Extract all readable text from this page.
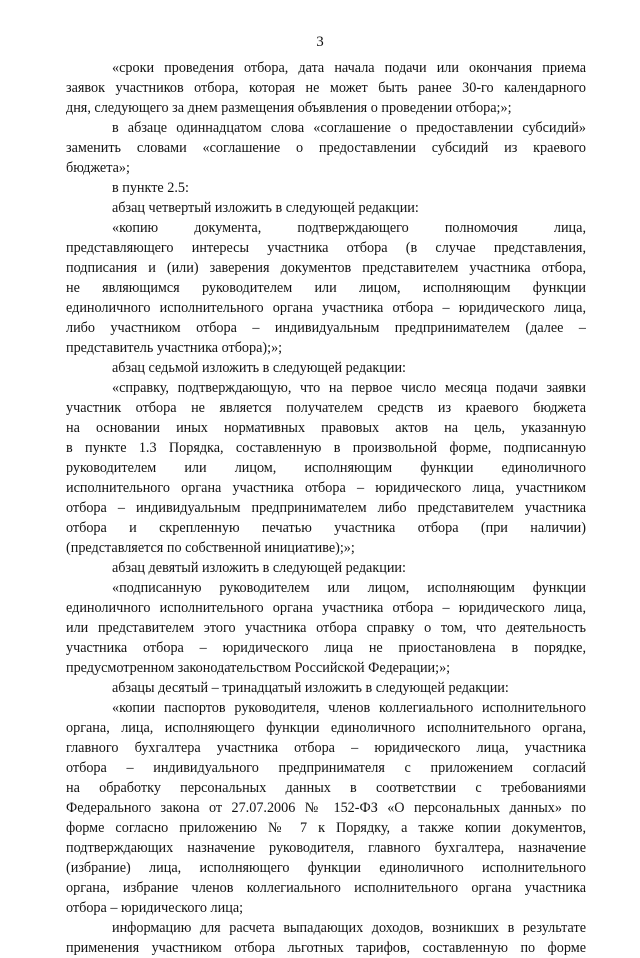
3
«сроки проведения отбора, дата начала подачи или окончания приема
заявок участников отбора, которая не может быть ранее 30-го календарного
дня, следующего за днем размещения объявления о проведении отбора;»;
в абзаце одиннадцатом слова «соглашение о предоставлении субсидий»
заменить словами «соглашение о предоставлении субсидий из краевого
бюджета»;
в пункте 2.5:
абзац четвертый изложить в следующей редакции:
«копию документа, подтверждающего полномочия лица,
представляющего интересы участника отбора (в случае представления,
подписания и (или) заверения документов представителем участника отбора,
не являющимся руководителем или лицом, исполняющим функции
единоличного исполнительного органа участника отбора – юридического лица,
либо участником отбора – индивидуальным предпринимателем (далее –
представитель участника отбора);»;
абзац седьмой изложить в следующей редакции:
«справку, подтверждающую, что на первое число месяца подачи заявки
участник отбора не является получателем средств из краевого бюджета
на основании иных нормативных правовых актов на цель, указанную
в пункте 1.3 Порядка, составленную в произвольной форме, подписанную
руководителем или лицом, исполняющим функции единоличного
исполнительного органа участника отбора – юридического лица, участником
отбора – индивидуальным предпринимателем либо представителем участника
отбора и скрепленную печатью участника отбора (при наличии)
(представляется по собственной инициативе);»;
абзац девятый изложить в следующей редакции:
«подписанную руководителем или лицом, исполняющим функции
единоличного исполнительного органа участника отбора – юридического лица,
или представителем этого участника отбора справку о том, что деятельность
участника отбора – юридического лица не приостановлена в порядке,
предусмотренном законодательством Российской Федерации;»;
абзацы десятый – тринадцатый изложить в следующей редакции:
«копии паспортов руководителя, членов коллегиального исполнительного
органа, лица, исполняющего функции единоличного исполнительного органа,
главного бухгалтера участника отбора – юридического лица, участника
отбора – индивидуального предпринимателя с приложением согласий
на обработку персональных данных в соответствии с требованиями
Федерального закона от 27.07.2006 № 152-ФЗ «О персональных данных» по
форме согласно приложению № 7 к Порядку, а также копии документов,
подтверждающих назначение руководителя, главного бухгалтера, назначение
(избрание) лица, исполняющего функции единоличного исполнительного
органа, избрание членов коллегиального исполнительного органа участника
отбора – юридического лица;
информацию для расчета выпадающих доходов, возникших в результате
применения участником отбора льготных тарифов, составленную по форме
